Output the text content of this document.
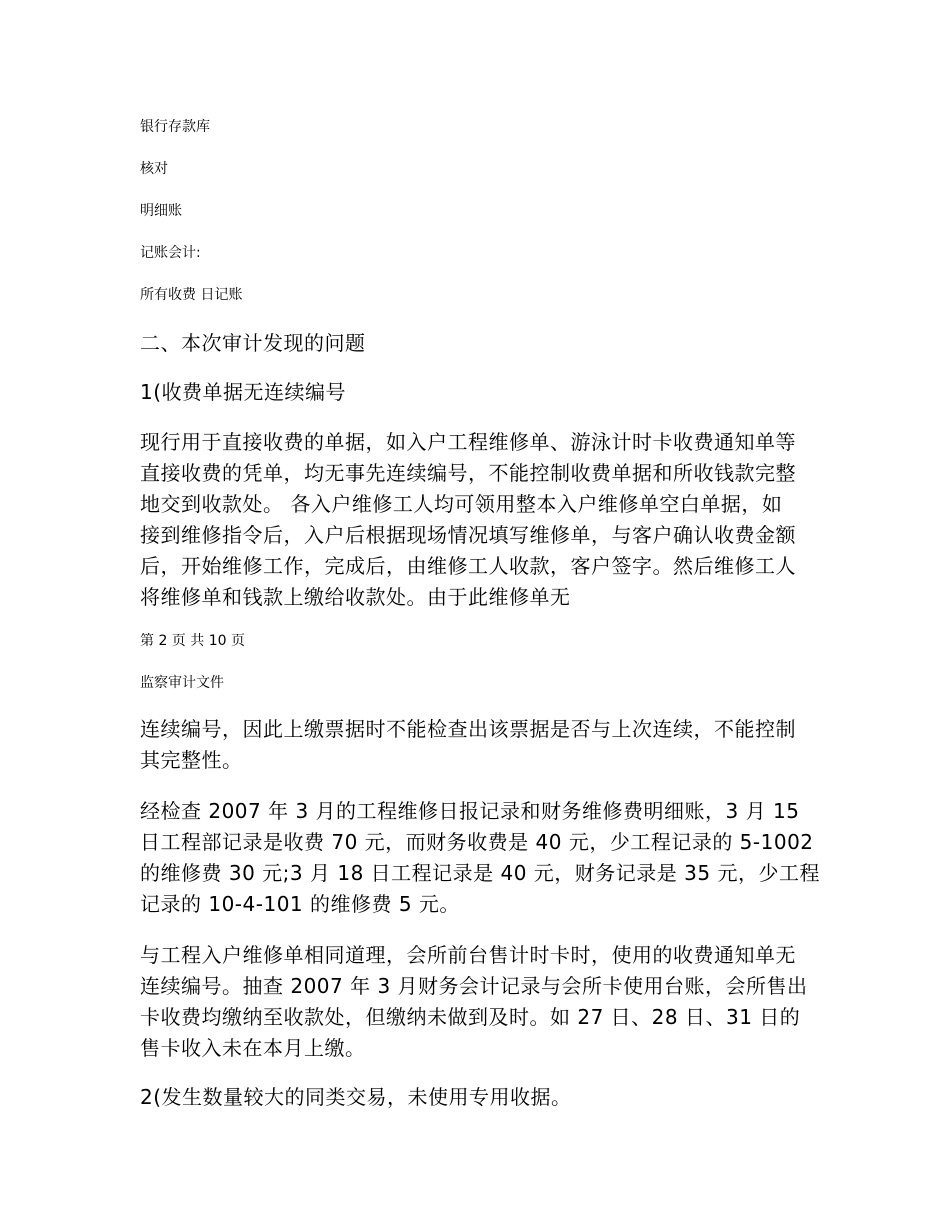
银行存款库

核对

明细账

记账会计:

所有收费 日记账

二、本次审计发现的问题

1(收费单据无连续编号

现行用于直接收费的单据，如入户工程维修单、游泳计时卡收费通知单等

直接收费的凭单，均无事先连续编号，不能控制收费单据和所收钱款完整

地交到收款处。 各入户维修工人均可领用整本入户维修单空白单据，如

接到维修指令后，入户后根据现场情况填写维修单，与客户确认收费金额

后，开始维修工作，完成后，由维修工人收款，客户签字。然后维修工人

将维修单和钱款上缴给收款处。由于此维修单无

第 2 页 共 10 页

监察审计文件

连续编号，因此上缴票据时不能检查出该票据是否与上次连续，不能控制

其完整性。

经检查 2007 年 3 月的工程维修日报记录和财务维修费明细账，3 月 15

日工程部记录是收费 70 元，而财务收费是 40 元，少工程记录的 5-1002

的维修费 30 元;3 月 18 日工程记录是 40 元，财务记录是 35 元，少工程

记录的 10-4-101 的维修费 5 元。

与工程入户维修单相同道理，会所前台售计时卡时，使用的收费通知单无

连续编号。抽查 2007 年 3 月财务会计记录与会所卡使用台账，会所售出

卡收费均缴纳至收款处，但缴纳未做到及时。如 27 日、28 日、31 日的

售卡收入未在本月上缴。

2(发生数量较大的同类交易，未使用专用收据。
